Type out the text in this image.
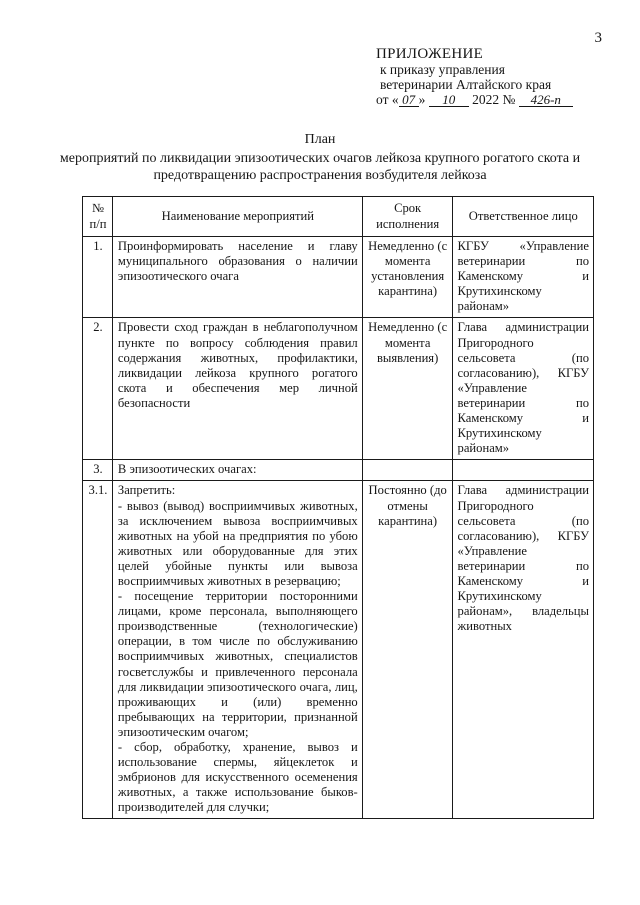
3
ПРИЛОЖЕНИЕ
к приказу управления
ветеринарии Алтайского края
от « 07 » 10 2022 № 426-п
План
мероприятий по ликвидации эпизоотических очагов лейкоза крупного рогатого скота и предотвращению распространения возбудителя лейкоза
№ п/п	Наименование мероприятий	Срок исполнения	Ответственное лицо
1.	Проинформировать население и главу муниципального образования о наличии эпизоотического очага	Немедленно (с момента установления карантина)	КГБУ «Управление ветеринарии по Каменскому и Крутихинскому районам»
2.	Провести сход граждан в неблагополучном пункте по вопросу соблюдения правил содержания животных, профилактики, ликвидации лейкоза крупного рогатого скота и обеспечения мер личной безопасности	Немедленно (с момента выявления)	Глава администрации Пригородного сельсовета (по согласованию), КГБУ «Управление ветеринарии по Каменскому и Крутихинскому районам»
3.	В эпизоотических очагах:		

3.1.	Запретить:
- вывоз (вывод) восприимчивых животных, за исключением вывоза восприимчивых животных на убой на предприятия по убою животных или оборудованные для этих целей убойные пункты или вывоза восприимчивых животных в резервацию;
- посещение территории посторонними лицами, кроме персонала, выполняющего производственные (технологические) операции, в том числе по обслуживанию восприимчивых животных, специалистов госветслужбы и привлеченного персонала для ликвидации эпизоотического очага, лиц, проживающих и (или) временно пребывающих на территории, признанной эпизоотическим очагом;
- сбор, обработку, хранение, вывоз и использование спермы, яйцеклеток и эмбрионов для искусственного осеменения животных, а также использование быков-производителей для случки;	Постоянно (до отмены карантина)	Глава администрации Пригородного сельсовета (по согласованию), КГБУ «Управление ветеринарии по Каменскому и Крутихинскому районам», владельцы животных
